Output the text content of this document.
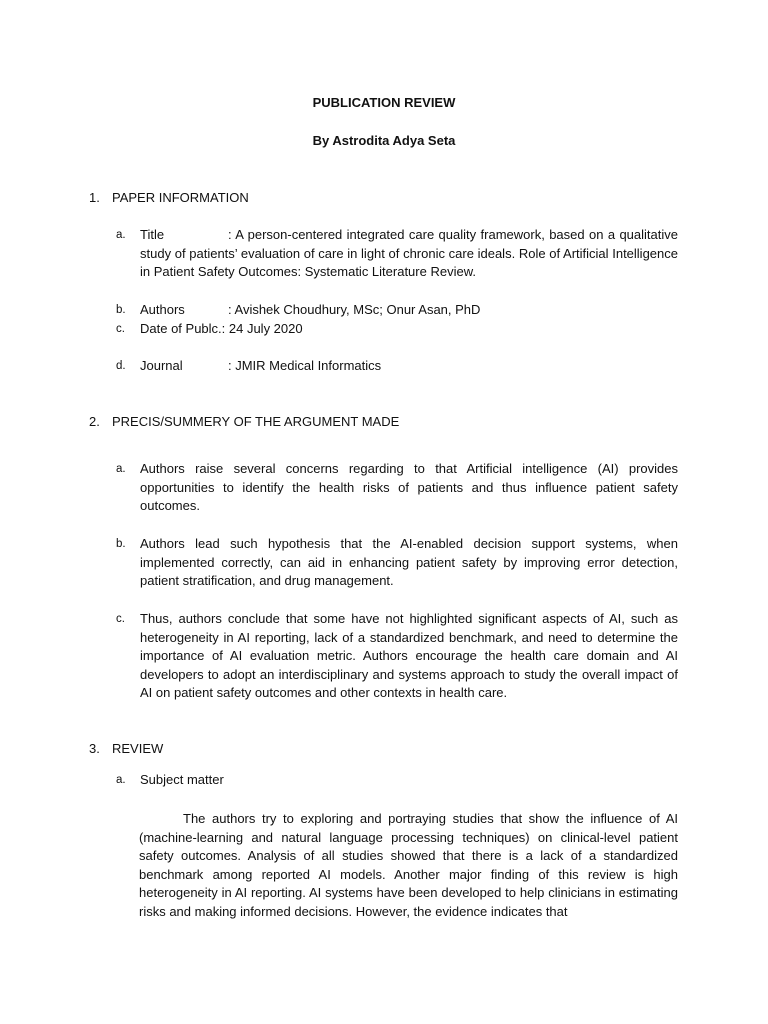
PUBLICATION REVIEW
By Astrodita Adya Seta
1. PAPER INFORMATION
a. Title	: A person-centered integrated care quality framework, based on a qualitative study of patients’ evaluation of care in light of chronic care ideals. Role of Artificial Intelligence in Patient Safety Outcomes: Systematic Literature Review.
b. Authors	: Avishek Choudhury, MSc; Onur Asan, PhD
c. Date of Publc.: 24 July 2020
d. Journal	: JMIR Medical Informatics
2. PRECIS/SUMMERY OF THE ARGUMENT MADE
a. Authors raise several concerns regarding to that Artificial intelligence (AI) provides opportunities to identify the health risks of patients and thus influence patient safety outcomes.
b. Authors lead such hypothesis that the AI-enabled decision support systems, when implemented correctly, can aid in enhancing patient safety by improving error detection, patient stratification, and drug management.
c. Thus, authors conclude that some have not highlighted significant aspects of AI, such as heterogeneity in AI reporting, lack of a standardized benchmark, and need to determine the importance of AI evaluation metric. Authors encourage the health care domain and AI developers to adopt an interdisciplinary and systems approach to study the overall impact of AI on patient safety outcomes and other contexts in health care.
3. REVIEW
a. Subject matter
The authors try to exploring and portraying studies that show the influence of AI (machine-learning and natural language processing techniques) on clinical-level patient safety outcomes. Analysis of all studies showed that there is a lack of a standardized benchmark among reported AI models. Another major finding of this review is high heterogeneity in AI reporting. AI systems have been developed to help clinicians in estimating risks and making informed decisions. However, the evidence indicates that
